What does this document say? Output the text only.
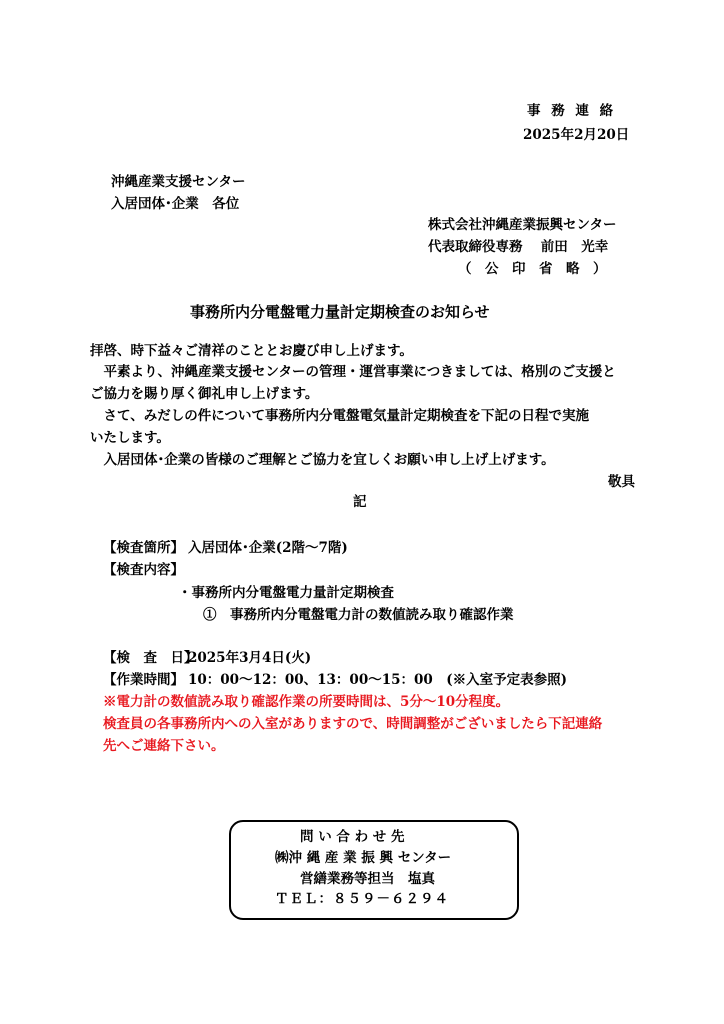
事 務 連 絡
2025年2月20日
沖縄産業支援センター
入居団体･企業　各位
株式会社沖縄産業振興センター
代表取締役専務　 前田　光幸
（　公　印　省　略　）
事務所内分電盤電力量計定期検査のお知らせ
拝啓、時下益々ご清祥のこととお慶び申し上げます。
　平素より、沖縄産業支援センターの管理・運営事業につきましては、格別のご支援と
ご協力を賜り厚く御礼申し上げます。
　さて、みだしの件について事務所内分電盤電気量計定期検査を下記の日程で実施
いたします。
　入居団体･企業の皆様のご理解とご協力を宜しくお願い申し上げ上げます。
敬具
記
【検査箇所】 入居団体･企業(2階～7階)
【検査内容】
・事務所内分電盤電力量計定期検査
①　事務所内分電盤電力計の数値読み取り確認作業
【検　査　日】
2025年3月4日(火)
【作業時間】 10：00～12：00、13：00～15：00　(※入室予定表参照)
※電力計の数値読み取り確認作業の所要時間は、5分～10分程度。
検査員の各事務所内への入室がありますので、時間調整がございましたら下記連絡
先へご連絡下さい。
問 い 合 わ せ 先
㈱沖 縄 産 業 振 興 センター
営繕業務等担当　塩真
ＴＥＬ：８５９－６２９４
